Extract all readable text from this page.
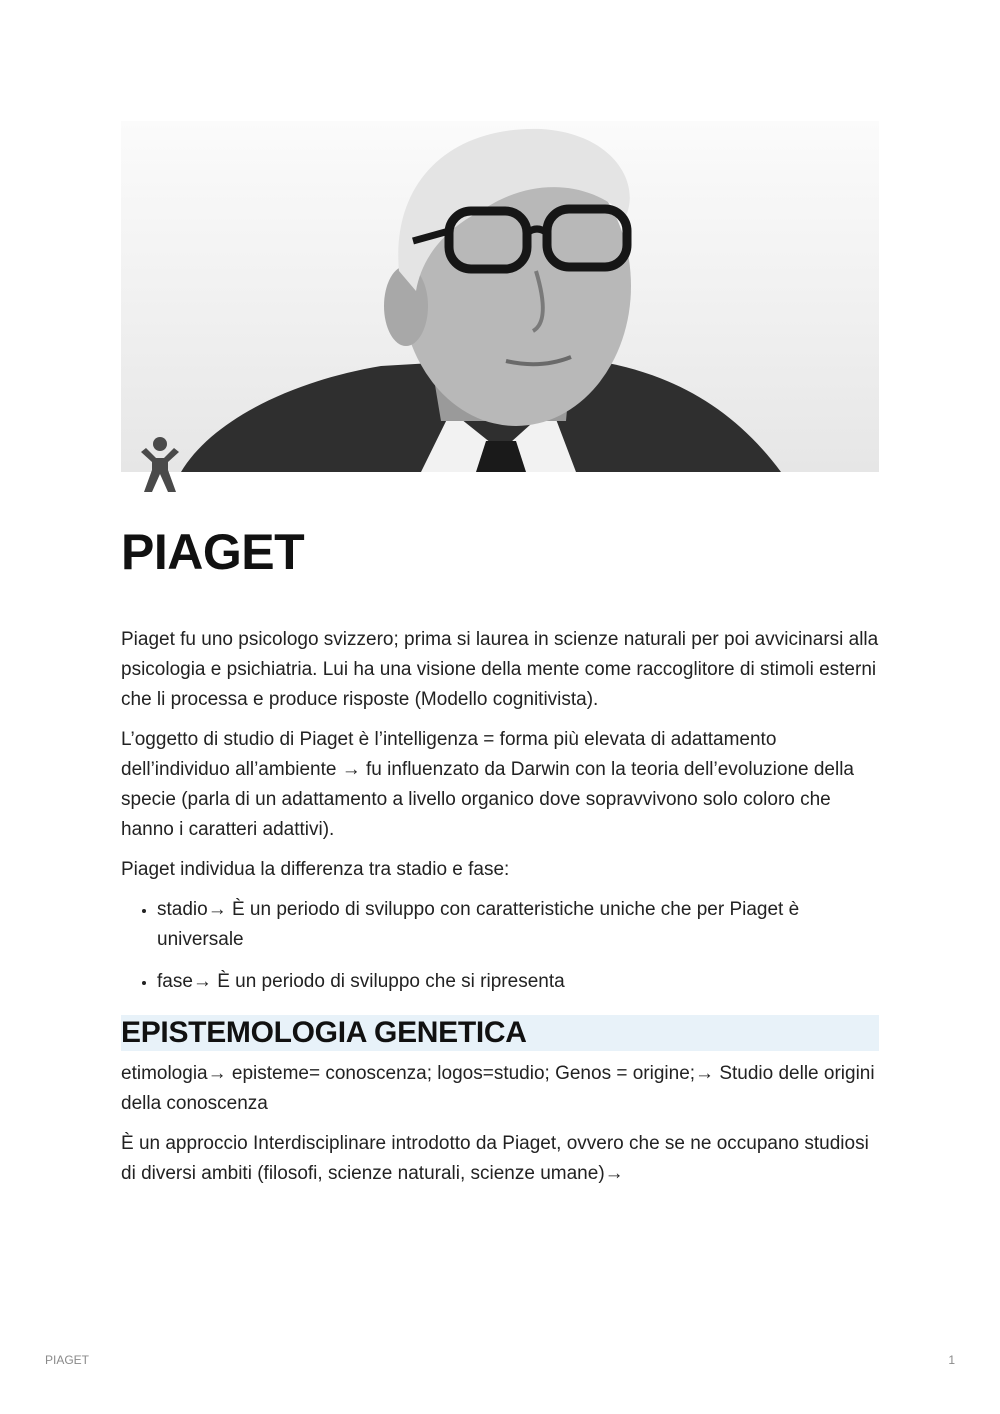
PIAGET

Piaget fu uno psicologo svizzero; prima si laurea in scienze naturali per poi avvicinarsi alla psicologia e psichiatria. Lui ha una visione della mente come raccoglitore di stimoli esterni che li processa e produce risposte (Modello cognitivista).

L’oggetto di studio di Piaget è l’intelligenza = forma più elevata di adattamento dell’individuo all’ambiente → fu influenzato da Darwin con la teoria dell’evoluzione della specie (parla di un adattamento a livello organico dove sopravvivono solo coloro che hanno i caratteri adattivi).

Piaget individua la differenza tra stadio e fase:

• stadio→ È un periodo di sviluppo con caratteristiche uniche che per Piaget è universale
• fase→ È un periodo di sviluppo che si ripresenta
EPISTEMOLOGIA GENETICA

etimologia→ episteme= conoscenza; logos=studio; Genos = origine;→ Studio delle origini della conoscenza

È un approccio Interdisciplinare introdotto da Piaget, ovvero che se ne occupano studiosi di diversi ambiti (filosofi, scienze naturali, scienze umane)→

PIAGET	1
